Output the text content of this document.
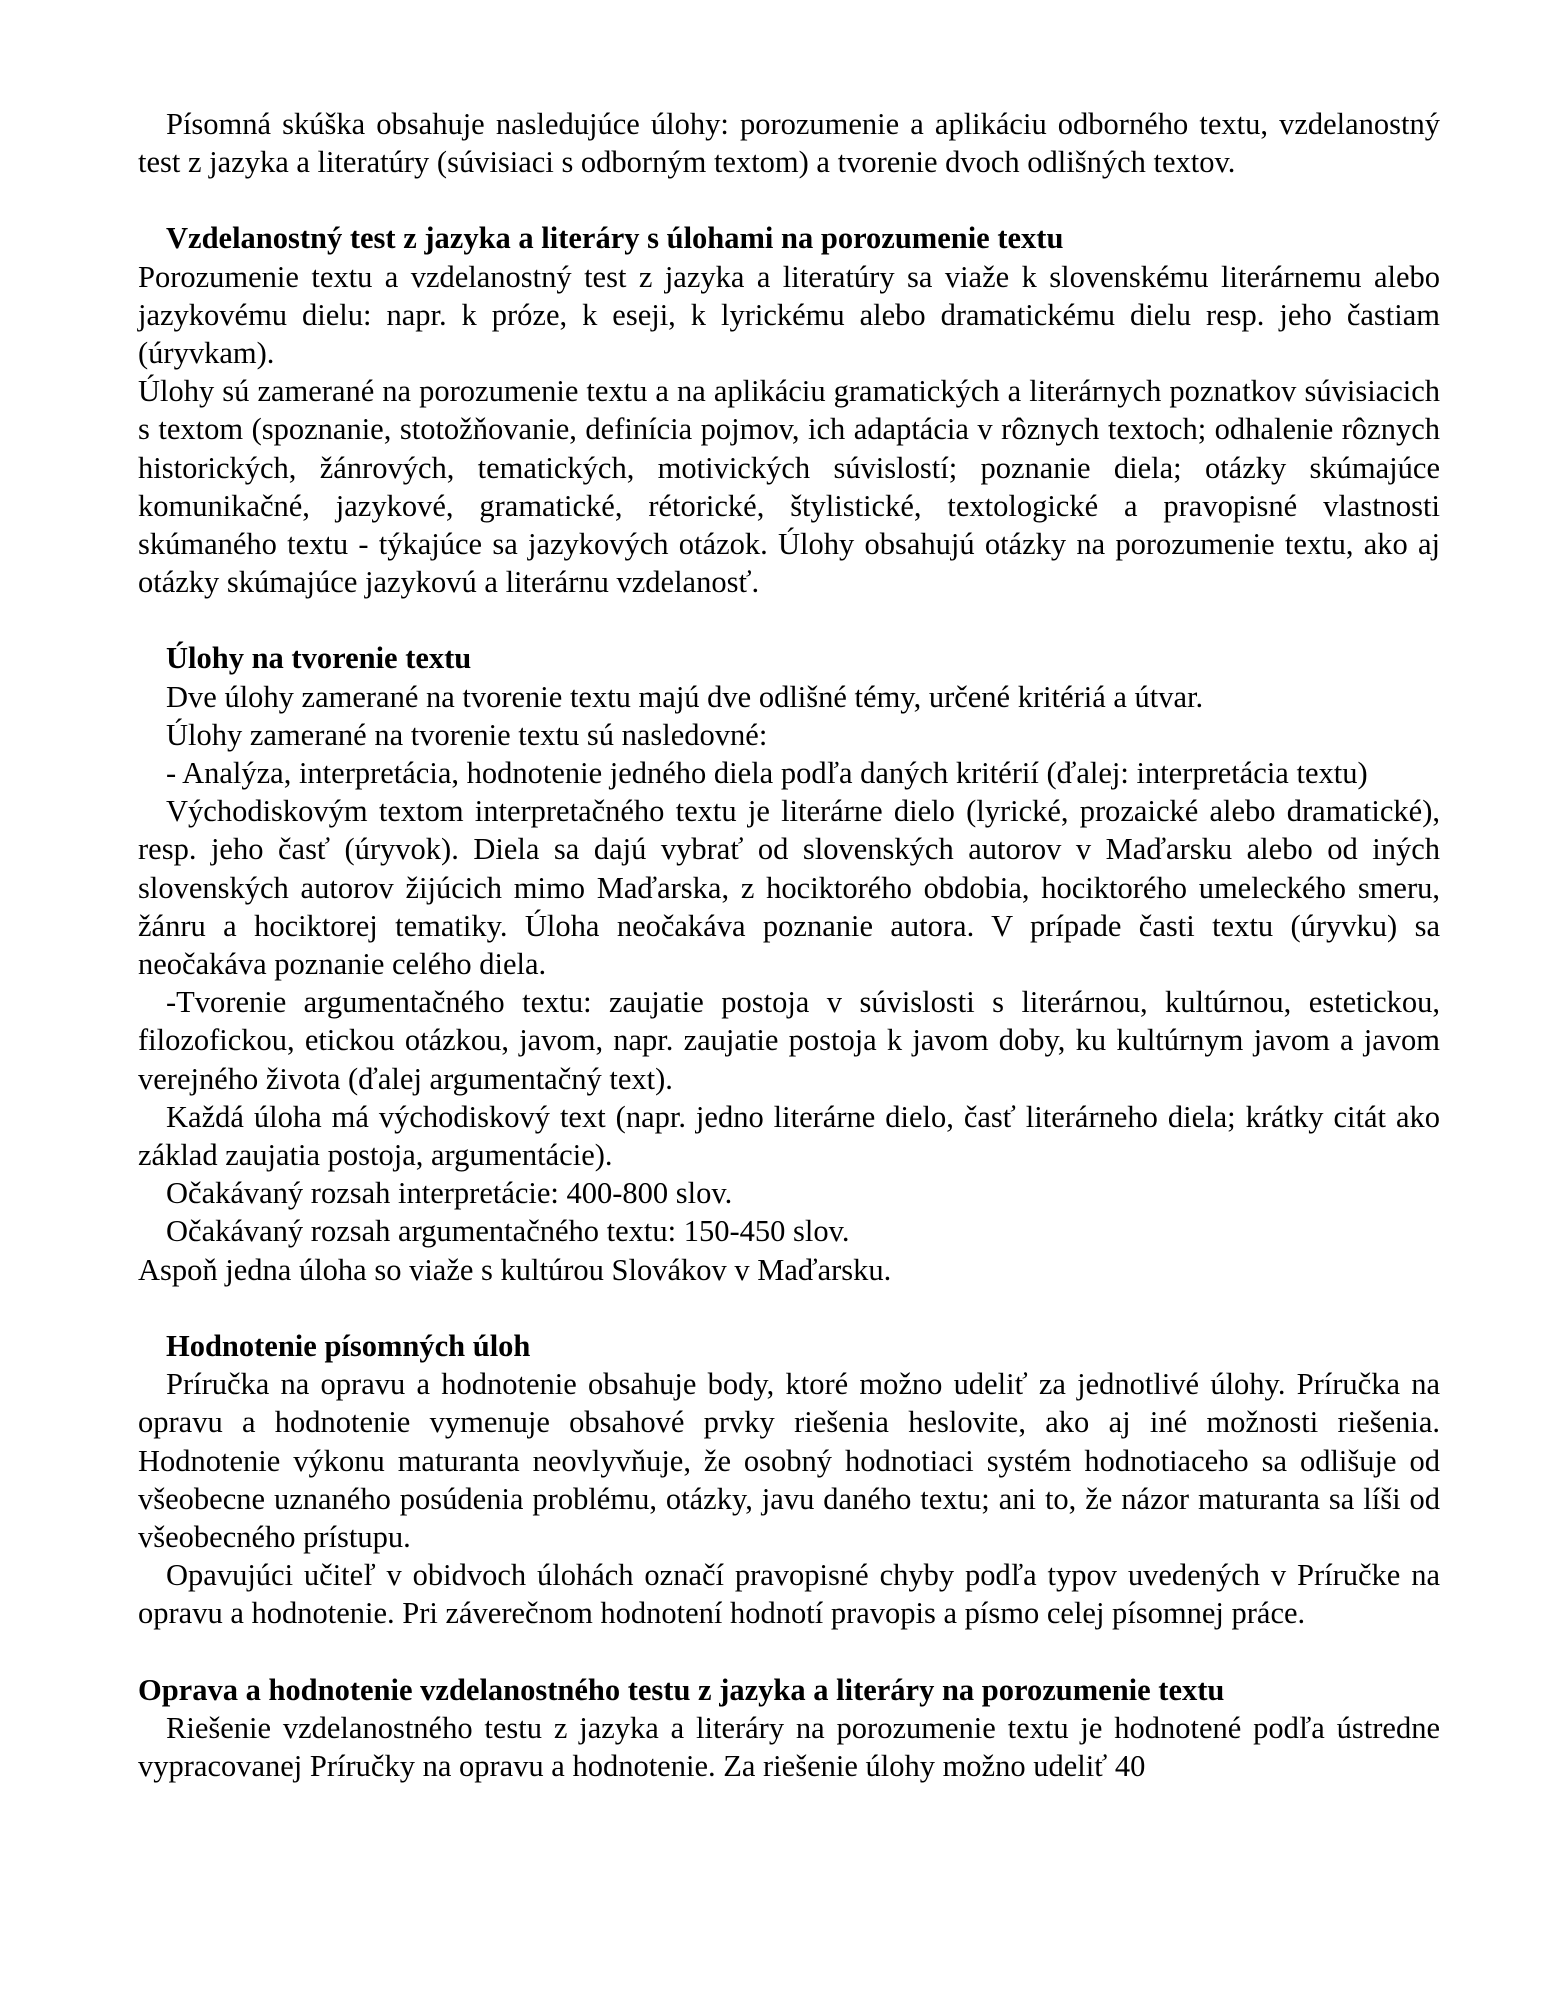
Písomná skúška obsahuje nasledujúce úlohy: porozumenie a aplikáciu odborného textu, vzdelanostný test z jazyka a literatúry (súvisiaci s odborným textom) a tvorenie dvoch odlišných textov.

Vzdelanostný test z jazyka a literáry s úlohami na porozumenie textu

Porozumenie textu a vzdelanostný test z jazyka a literatúry sa viaže k slovenskému literárnemu alebo jazykovému dielu: napr. k próze, k eseji, k lyrickému alebo dramatickému dielu resp. jeho častiam (úryvkam).

Úlohy sú zamerané na porozumenie textu a na aplikáciu gramatických a literárnych poznatkov súvisiacich s textom (spoznanie, stotožňovanie, definícia pojmov, ich adaptácia v rôznych textoch; odhalenie rôznych historických, žánrových, tematických, motivických súvislostí; poznanie diela; otázky skúmajúce komunikačné, jazykové, gramatické, rétorické, štylistické, textologické a pravopisné vlastnosti skúmaného textu - týkajúce sa jazykových otázok. Úlohy obsahujú otázky na porozumenie textu, ako aj otázky skúmajúce jazykovú a literárnu vzdelanosť.

Úlohy na tvorenie textu

Dve úlohy zamerané na tvorenie textu majú dve odlišné témy, určené kritériá a útvar.

Úlohy zamerané na tvorenie textu sú nasledovné:

- Analýza, interpretácia, hodnotenie jedného diela podľa daných kritérií (ďalej: interpretácia textu)

Východiskovým textom interpretačného textu je literárne dielo (lyrické, prozaické alebo dramatické), resp. jeho časť (úryvok). Diela sa dajú vybrať od slovenských autorov v Maďarsku alebo od iných slovenských autorov žijúcich mimo Maďarska, z hociktorého obdobia, hociktorého umeleckého smeru, žánru a hociktorej tematiky. Úloha neočakáva poznanie autora. V prípade časti textu (úryvku) sa neočakáva poznanie celého diela.

-Tvorenie argumentačného textu: zaujatie postoja v súvislosti s literárnou, kultúrnou, estetickou, filozofickou, etickou otázkou, javom, napr. zaujatie postoja k javom doby, ku kultúrnym javom a javom verejného života (ďalej argumentačný text).

Každá úloha má východiskový text (napr. jedno literárne dielo, časť literárneho diela; krátky citát ako základ zaujatia postoja, argumentácie).

Očakávaný rozsah interpretácie: 400-800 slov.

Očakávaný rozsah argumentačného textu: 150-450 slov.

Aspoň jedna úloha so viaže s kultúrou Slovákov v Maďarsku.

Hodnotenie písomných úloh

Príručka na opravu a hodnotenie obsahuje body, ktoré možno udeliť za jednotlivé úlohy. Príručka na opravu a hodnotenie vymenuje obsahové prvky riešenia heslovite, ako aj iné možnosti riešenia. Hodnotenie výkonu maturanta neovlyvňuje, že osobný hodnotiaci systém hodnotiaceho sa odlišuje od všeobecne uznaného posúdenia problému, otázky, javu daného textu; ani to, že názor maturanta sa líši od všeobecného prístupu.

Opavujúci učiteľ v obidvoch úlohách označí pravopisné chyby podľa typov uvedených v Príručke na opravu a hodnotenie. Pri záverečnom hodnotení hodnotí pravopis a písmo celej písomnej práce.

Oprava a hodnotenie vzdelanostného testu z jazyka a literáry na porozumenie textu

Riešenie vzdelanostného testu z jazyka a literáry na porozumenie textu je hodnotené podľa ústredne vypracovanej Príručky na opravu a hodnotenie. Za riešenie úlohy možno udeliť 40
